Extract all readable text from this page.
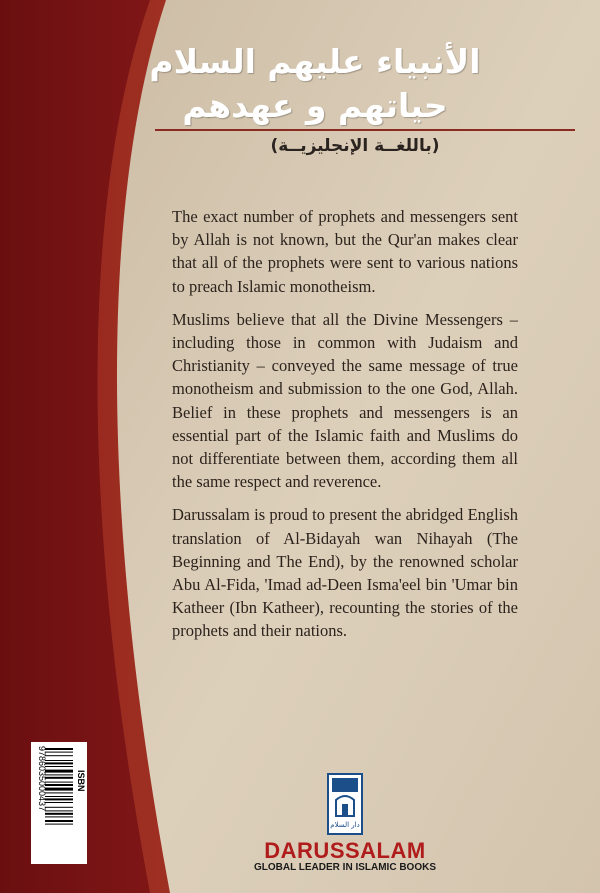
الأنبياء عليهم السلام
حياتهم و عهدهم
(باللغــة الإنجليزيــة)

The exact number of prophets and messengers sent by Allah is not known, but the Qur'an makes clear that all of the prophets were sent to various nations to preach Islamic monotheism.

Muslims believe that all the Divine Messengers – including those in common with Judaism and Christianity – conveyed the same message of true monotheism and submission to the one God, Allah. Belief in these prophets and messengers is an essential part of the Islamic faith and Muslims do not differentiate between them, according them all the same respect and reverence.

Darussalam is proud to present the abridged English translation of Al-Bidayah wan Nihayah (The Beginning and The End), by the renowned scholar Abu Al-Fida, 'Imad ad-Deen Isma'eel bin 'Umar bin Katheer (Ibn Katheer), recounting the stories of the prophets and their nations.

9786035000437	ISBN
دار السلام
DARUSSALAM
GLOBAL LEADER IN ISLAMIC BOOKS
